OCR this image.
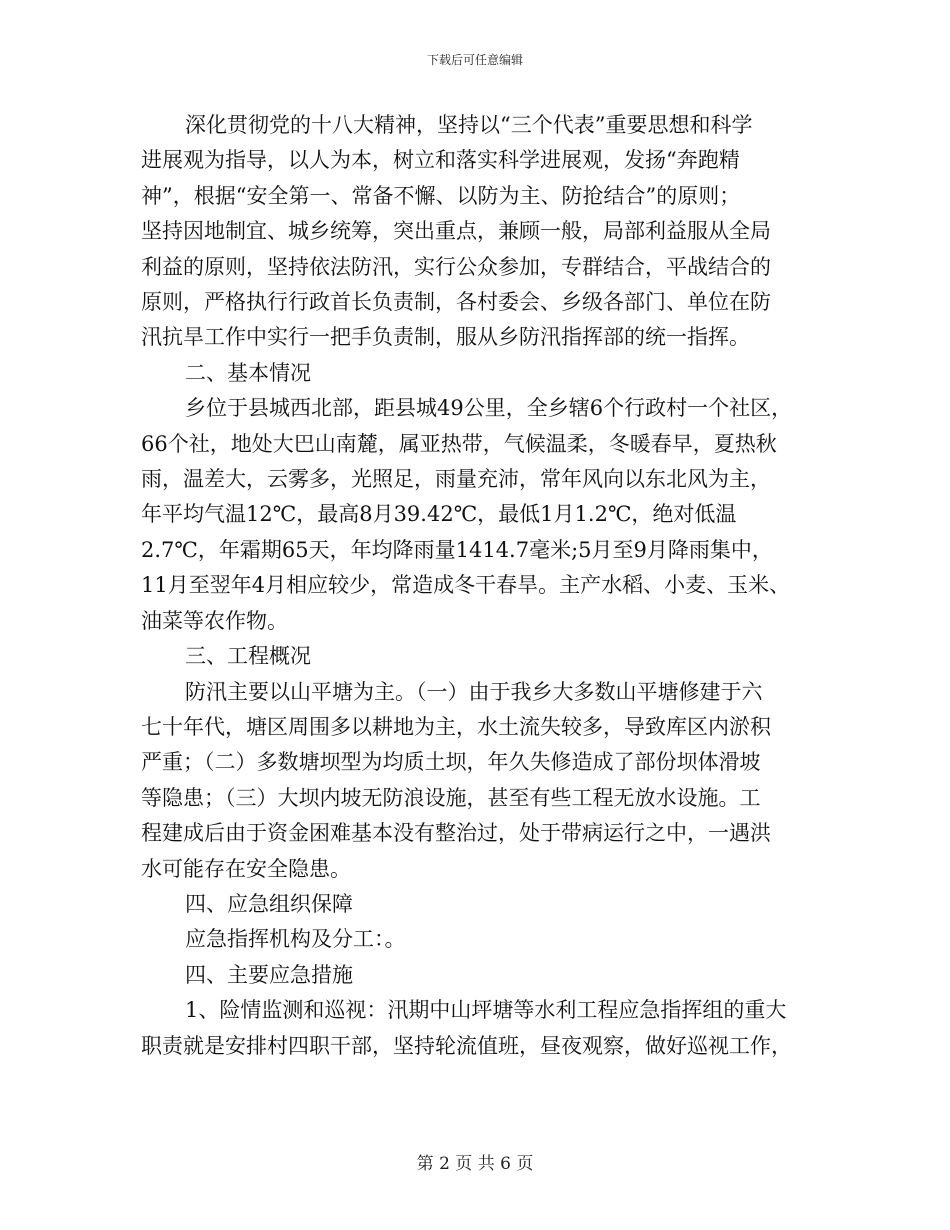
下载后可任意编辑

深化贯彻党的十八大精神，坚持以“三个代表”重要思想和科学
进展观为指导，以人为本，树立和落实科学进展观，发扬“奔跑精
神”，根据“安全第一、常备不懈、以防为主、防抢结合”的原则；
坚持因地制宜、城乡统筹，突出重点，兼顾一般，局部利益服从全局
利益的原则，坚持依法防汛，实行公众参加，专群结合，平战结合的
原则，严格执行行政首长负责制，各村委会、乡级各部门、单位在防
汛抗旱工作中实行一把手负责制，服从乡防汛指挥部的统一指挥。

二、基本情况

乡位于县城西北部，距县城49公里，全乡辖6个行政村一个社区，
66个社，地处大巴山南麓，属亚热带，气候温柔，冬暖春早，夏热秋
雨，温差大，云雾多，光照足，雨量充沛，常年风向以东北风为主，
年平均气温12℃，最高8月39.42℃，最低1月1.2℃，绝对低温
2.7℃，年霜期65天，年均降雨量1414.7毫米;5月至9月降雨集中，
11月至翌年4月相应较少，常造成冬干春旱。主产水稻、小麦、玉米、
油菜等农作物。

三、工程概况

防汛主要以山平塘为主。（一）由于我乡大多数山平塘修建于六
七十年代，塘区周围多以耕地为主，水土流失较多，导致库区内淤积
严重；（二）多数塘坝型为均质土坝，年久失修造成了部份坝体滑坡
等隐患；（三）大坝内坡无防浪设施，甚至有些工程无放水设施。工
程建成后由于资金困难基本没有整治过，处于带病运行之中，一遇洪
水可能存在安全隐患。

四、应急组织保障

应急指挥机构及分工：。

四、主要应急措施

1、险情监测和巡视：汛期中山坪塘等水利工程应急指挥组的重大
职责就是安排村四职干部，坚持轮流值班，昼夜观察，做好巡视工作，

第 2 页 共 6 页
